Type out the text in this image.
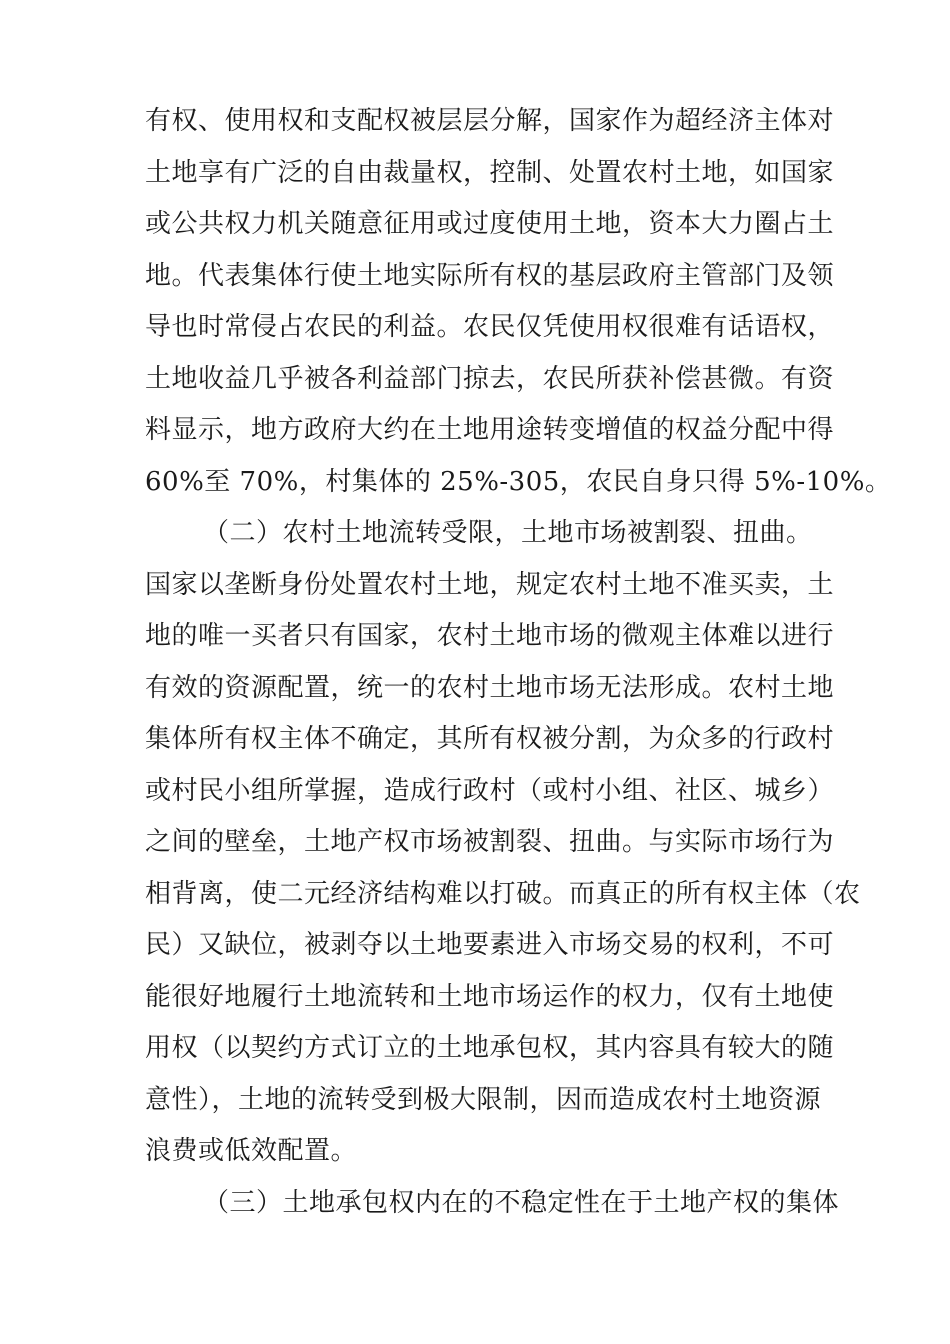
有权、使用权和支配权被层层分解，国家作为超经济主体对
土地享有广泛的自由裁量权，控制、处置农村土地，如国家
或公共权力机关随意征用或过度使用土地，资本大力圈占土
地。代表集体行使土地实际所有权的基层政府主管部门及领
导也时常侵占农民的利益。农民仅凭使用权很难有话语权，
土地收益几乎被各利益部门掠去，农民所获补偿甚微。有资
料显示，地方政府大约在土地用途转变增值的权益分配中得
60%至 70%，村集体的 25%-305，农民自身只得 5%-10%。
（二）农村土地流转受限，土地市场被割裂、扭曲。
国家以垄断身份处置农村土地，规定农村土地不准买卖，土
地的唯一买者只有国家，农村土地市场的微观主体难以进行
有效的资源配置，统一的农村土地市场无法形成。农村土地
集体所有权主体不确定，其所有权被分割，为众多的行政村
或村民小组所掌握，造成行政村（或村小组、社区、城乡）
之间的壁垒，土地产权市场被割裂、扭曲。与实际市场行为
相背离，使二元经济结构难以打破。而真正的所有权主体（农
民）又缺位，被剥夺以土地要素进入市场交易的权利，不可
能很好地履行土地流转和土地市场运作的权力，仅有土地使
用权（以契约方式订立的土地承包权，其内容具有较大的随
意性），土地的流转受到极大限制，因而造成农村土地资源
浪费或低效配置。
（三）土地承包权内在的不稳定性在于土地产权的集体
